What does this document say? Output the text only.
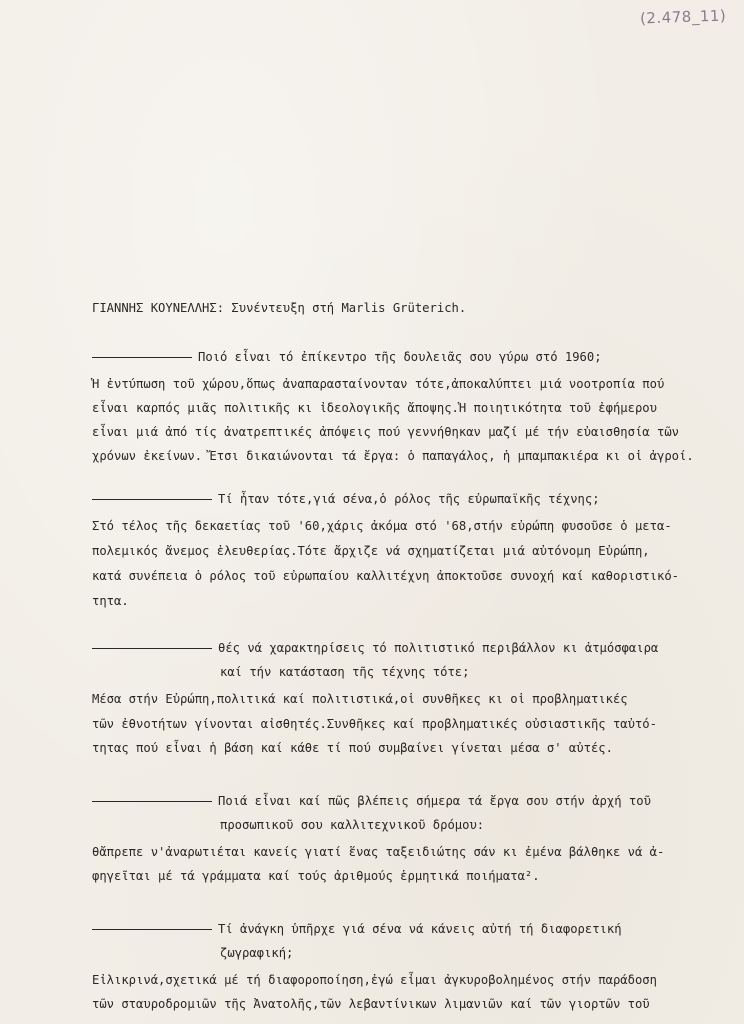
(2.478_11)
ΓΙΑΝΝΗΣ ΚΟΥΝΕΛΛΗΣ: Συνέντευξη στή Marlis Grüterich.
Ποιό εἶναι τό ἐπίκεντρο τῆς δουλειᾶς σου γύρω στό 1960;
Ἡ ἐντύπωση τοῦ χώρου,ὅπως ἀναπαρασταίνονταν τότε,ἀποκαλύπτει μιά νοοτροπία πού
εἶναι καρπός μιᾶς πολιτικῆς κι ἰδεολογικῆς ἄποψης.Ἡ ποιητικότητα τοῦ ἐφήμερου
εἶναι μιά ἀπό τίς ἀνατρεπτικές ἀπόψεις πού γεννήθηκαν μαζί μέ τήν εὐαισθησία τῶν
χρόνων ἐκείνων. Ἔτσι δικαιώνονται τά ἔργα: ὁ παπαγάλος, ἡ μπαμπακιέρα κι οἱ ἀγροί.
Τί ἦταν τότε,γιά σένα,ὁ ρόλος τῆς εὐρωπαϊκῆς τέχνης;
Στό τέλος τῆς δεκαετίας τοῦ '60,χάρις ἀκόμα στό '68,στήν εὐρώπη φυσοῦσε ὁ μετα-
πολεμικός ἄνεμος ἐλευθερίας.Τότε ἄρχιζε νά σχηματίζεται μιά αὐτόνομη Εὐρώπη,
κατά συνέπεια ὁ ρόλος τοῦ εὐρωπαίου καλλιτέχνη ἀποκτοῦσε συνοχή καί καθοριστικό-
τητα.
θές νά χαρακτηρίσεις τό πολιτιστικό περιβάλλον κι ἀτμόσφαιρα
καί τήν κατάσταση τῆς τέχνης τότε;
Μέσα στήν Εὐρώπη,πολιτικά καί πολιτιστικά,οἱ συνθῆκες κι οἱ προβληματικές
τῶν ἐθνοτήτων γίνονται αἰσθητές.Συνθῆκες καί προβληματικές οὐσιαστικῆς ταὐτό-
τητας πού εἶναι ἡ βάση καί κάθε τί πού συμβαίνει γίνεται μέσα σ' αὐτές.
Ποιά εἶναι καί πῶς βλέπεις σήμερα τά ἔργα σου στήν ἀρχή τοῦ
προσωπικοῦ σου καλλιτεχνικοῦ δρόμου:
θἄπρεπε ν'ἀναρωτιέται κανείς γιατί ἕνας ταξειδιώτης σάν κι ἐμένα βάλθηκε νά ἀ-
φηγεῖται μέ τά γράμματα καί τούς ἀριθμούς ἑρμητικά ποιήματα².
Τί ἀνάγκη ὑπῆρχε γιά σένα νά κάνεις αὐτή τή διαφορετική
ζωγραφική;
Εἰλικρινά,σχετικά μέ τή διαφοροποίηση,ἐγώ εἶμαι ἀγκυροβολημένος στήν παράδοση
τῶν σταυροδρομιῶν τῆς Ἀνατολῆς,τῶν λεβαντίνικων λιμανιῶν καί τῶν γιορτῶν τοῦ
